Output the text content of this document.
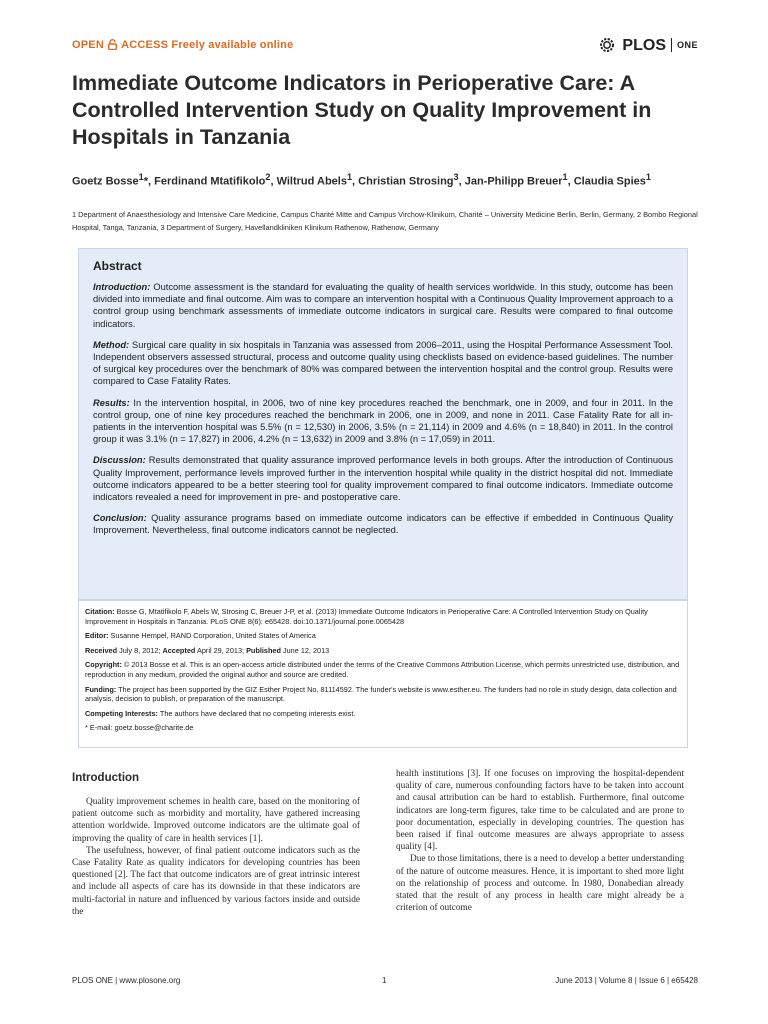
OPEN ACCESS Freely available online	PLOS ONE
Immediate Outcome Indicators in Perioperative Care: A Controlled Intervention Study on Quality Improvement in Hospitals in Tanzania

Goetz Bosse$^1$*, Ferdinand Mtatifikolo$^2$, Wiltrud Abels$^1$, Christian Strosing$^3$, Jan-Philipp Breuer$^1$, Claudia Spies$^1$

1 Department of Anaesthesiology and Intensive Care Medicine, Campus Charité Mitte and Campus Virchow-Klinikum, Charité – University Medicine Berlin, Berlin, Germany, 2 Bombo Regional Hospital, Tanga, Tanzania, 3 Department of Surgery, Havellandkliniken Klinikum Rathenow, Rathenow, Germany

Abstract

Introduction: Outcome assessment is the standard for evaluating the quality of health services worldwide. In this study, outcome has been divided into immediate and final outcome. Aim was to compare an intervention hospital with a Continuous Quality Improvement approach to a control group using benchmark assessments of immediate outcome indicators in surgical care. Results were compared to final outcome indicators.

Method: Surgical care quality in six hospitals in Tanzania was assessed from 2006–2011, using the Hospital Performance Assessment Tool. Independent observers assessed structural, process and outcome quality using checklists based on evidence-based guidelines. The number of surgical key procedures over the benchmark of 80% was compared between the intervention hospital and the control group. Results were compared to Case Fatality Rates.

Results: In the intervention hospital, in 2006, two of nine key procedures reached the benchmark, one in 2009, and four in 2011. In the control group, one of nine key procedures reached the benchmark in 2006, one in 2009, and none in 2011. Case Fatality Rate for all in-patients in the intervention hospital was 5.5% (n = 12,530) in 2006, 3.5% (n = 21,114) in 2009 and 4.6% (n = 18,840) in 2011. In the control group it was 3.1% (n = 17,827) in 2006, 4.2% (n = 13,632) in 2009 and 3.8% (n = 17,059) in 2011.

Discussion: Results demonstrated that quality assurance improved performance levels in both groups. After the introduction of Continuous Quality Improvement, performance levels improved further in the intervention hospital while quality in the district hospital did not. Immediate outcome indicators appeared to be a better steering tool for quality improvement compared to final outcome indicators. Immediate outcome indicators revealed a need for improvement in pre- and postoperative care.

Conclusion: Quality assurance programs based on immediate outcome indicators can be effective if embedded in Continuous Quality Improvement. Nevertheless, final outcome indicators cannot be neglected.

Citation: Bosse G, Mtatifikolo F, Abels W, Strosing C, Breuer J-P, et al. (2013) Immediate Outcome Indicators in Perioperative Care: A Controlled Intervention Study on Quality Improvement in Hospitals in Tanzania. PLoS ONE 8(6): e65428. doi:10.1371/journal.pone.0065428

Editor: Susanne Hempel, RAND Corporation, United States of America

Received July 8, 2012; Accepted April 29, 2013; Published June 12, 2013

Copyright: © 2013 Bosse et al. This is an open-access article distributed under the terms of the Creative Commons Attribution License, which permits unrestricted use, distribution, and reproduction in any medium, provided the original author and source are credited.

Funding: The project has been supported by the GIZ Esther Project No. 81114592. The funder's website is www.esther.eu. The funders had no role in study design, data collection and analysis, decision to publish, or preparation of the manuscript.

Competing Interests: The authors have declared that no competing interests exist.

* E-mail: goetz.bosse@charite.de

Introduction

Quality improvement schemes in health care, based on the monitoring of patient outcome such as morbidity and mortality, have gathered increasing attention worldwide. Improved outcome indicators are the ultimate goal of improving the quality of care in health services [1].

The usefulness, however, of final patient outcome indicators such as the Case Fatality Rate as quality indicators for developing countries has been questioned [2]. The fact that outcome indicators are of great intrinsic interest and include all aspects of care has its downside in that these indicators are multi-factorial in nature and influenced by various factors inside and outside the

health institutions [3]. If one focuses on improving the hospital-dependent quality of care, numerous confounding factors have to be taken into account and causal attribution can be hard to establish. Furthermore, final outcome indicators are long-term figures, take time to be calculated and are prone to poor documentation, especially in developing countries. The question has been raised if final outcome measures are always appropriate to assess quality [4].

Due to those limitations, there is a need to develop a better understanding of the nature of outcome measures. Hence, it is important to shed more light on the relationship of process and outcome. In 1980, Donabedian already stated that the result of any process in health care might already be a criterion of outcome

PLOS ONE | www.plosone.org	1	June 2013 | Volume 8 | Issue 6 | e65428
